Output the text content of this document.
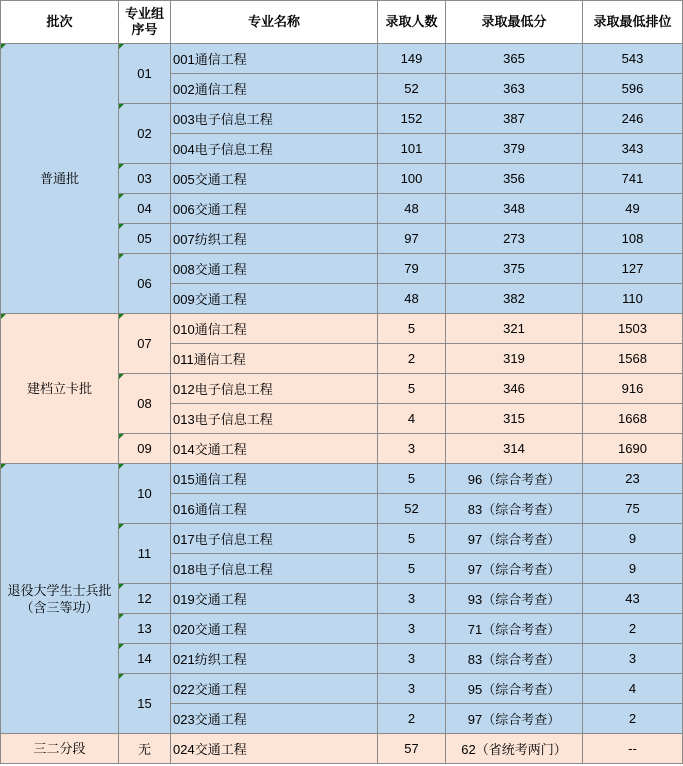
批次	专业组序号	专业名称	录取人数	录取最低分	录取最低排位
普通批	01	001通信工程	149	365	543
		002通信工程	52	363	596
	02	003电子信息工程	152	387	246
		004电子信息工程	101	379	343
	03	005交通工程	100	356	741
	04	006交通工程	48	348	49
	05	007纺织工程	97	273	108
	06	008交通工程	79	375	127
		009交通工程	48	382	110
建档立卡批	07	010通信工程	5	321	1503
		011通信工程	2	319	1568
	08	012电子信息工程	5	346	916
		013电子信息工程	4	315	1668
	09	014交通工程	3	314	1690
退役大学生士兵批（含三等功）	10	015通信工程	5	96（综合考查）	23
		016通信工程	52	83（综合考查）	75
	11	017电子信息工程	5	97（综合考查）	9
		018电子信息工程	5	97（综合考查）	9
	12	019交通工程	3	93（综合考查）	43
	13	020交通工程	3	71（综合考查）	2
	14	021纺织工程	3	83（综合考查）	3
	15	022交通工程	3	95（综合考查）	4
		023交通工程	2	97（综合考查）	2
三二分段	无	024交通工程	57	62（省统考两门）	--
